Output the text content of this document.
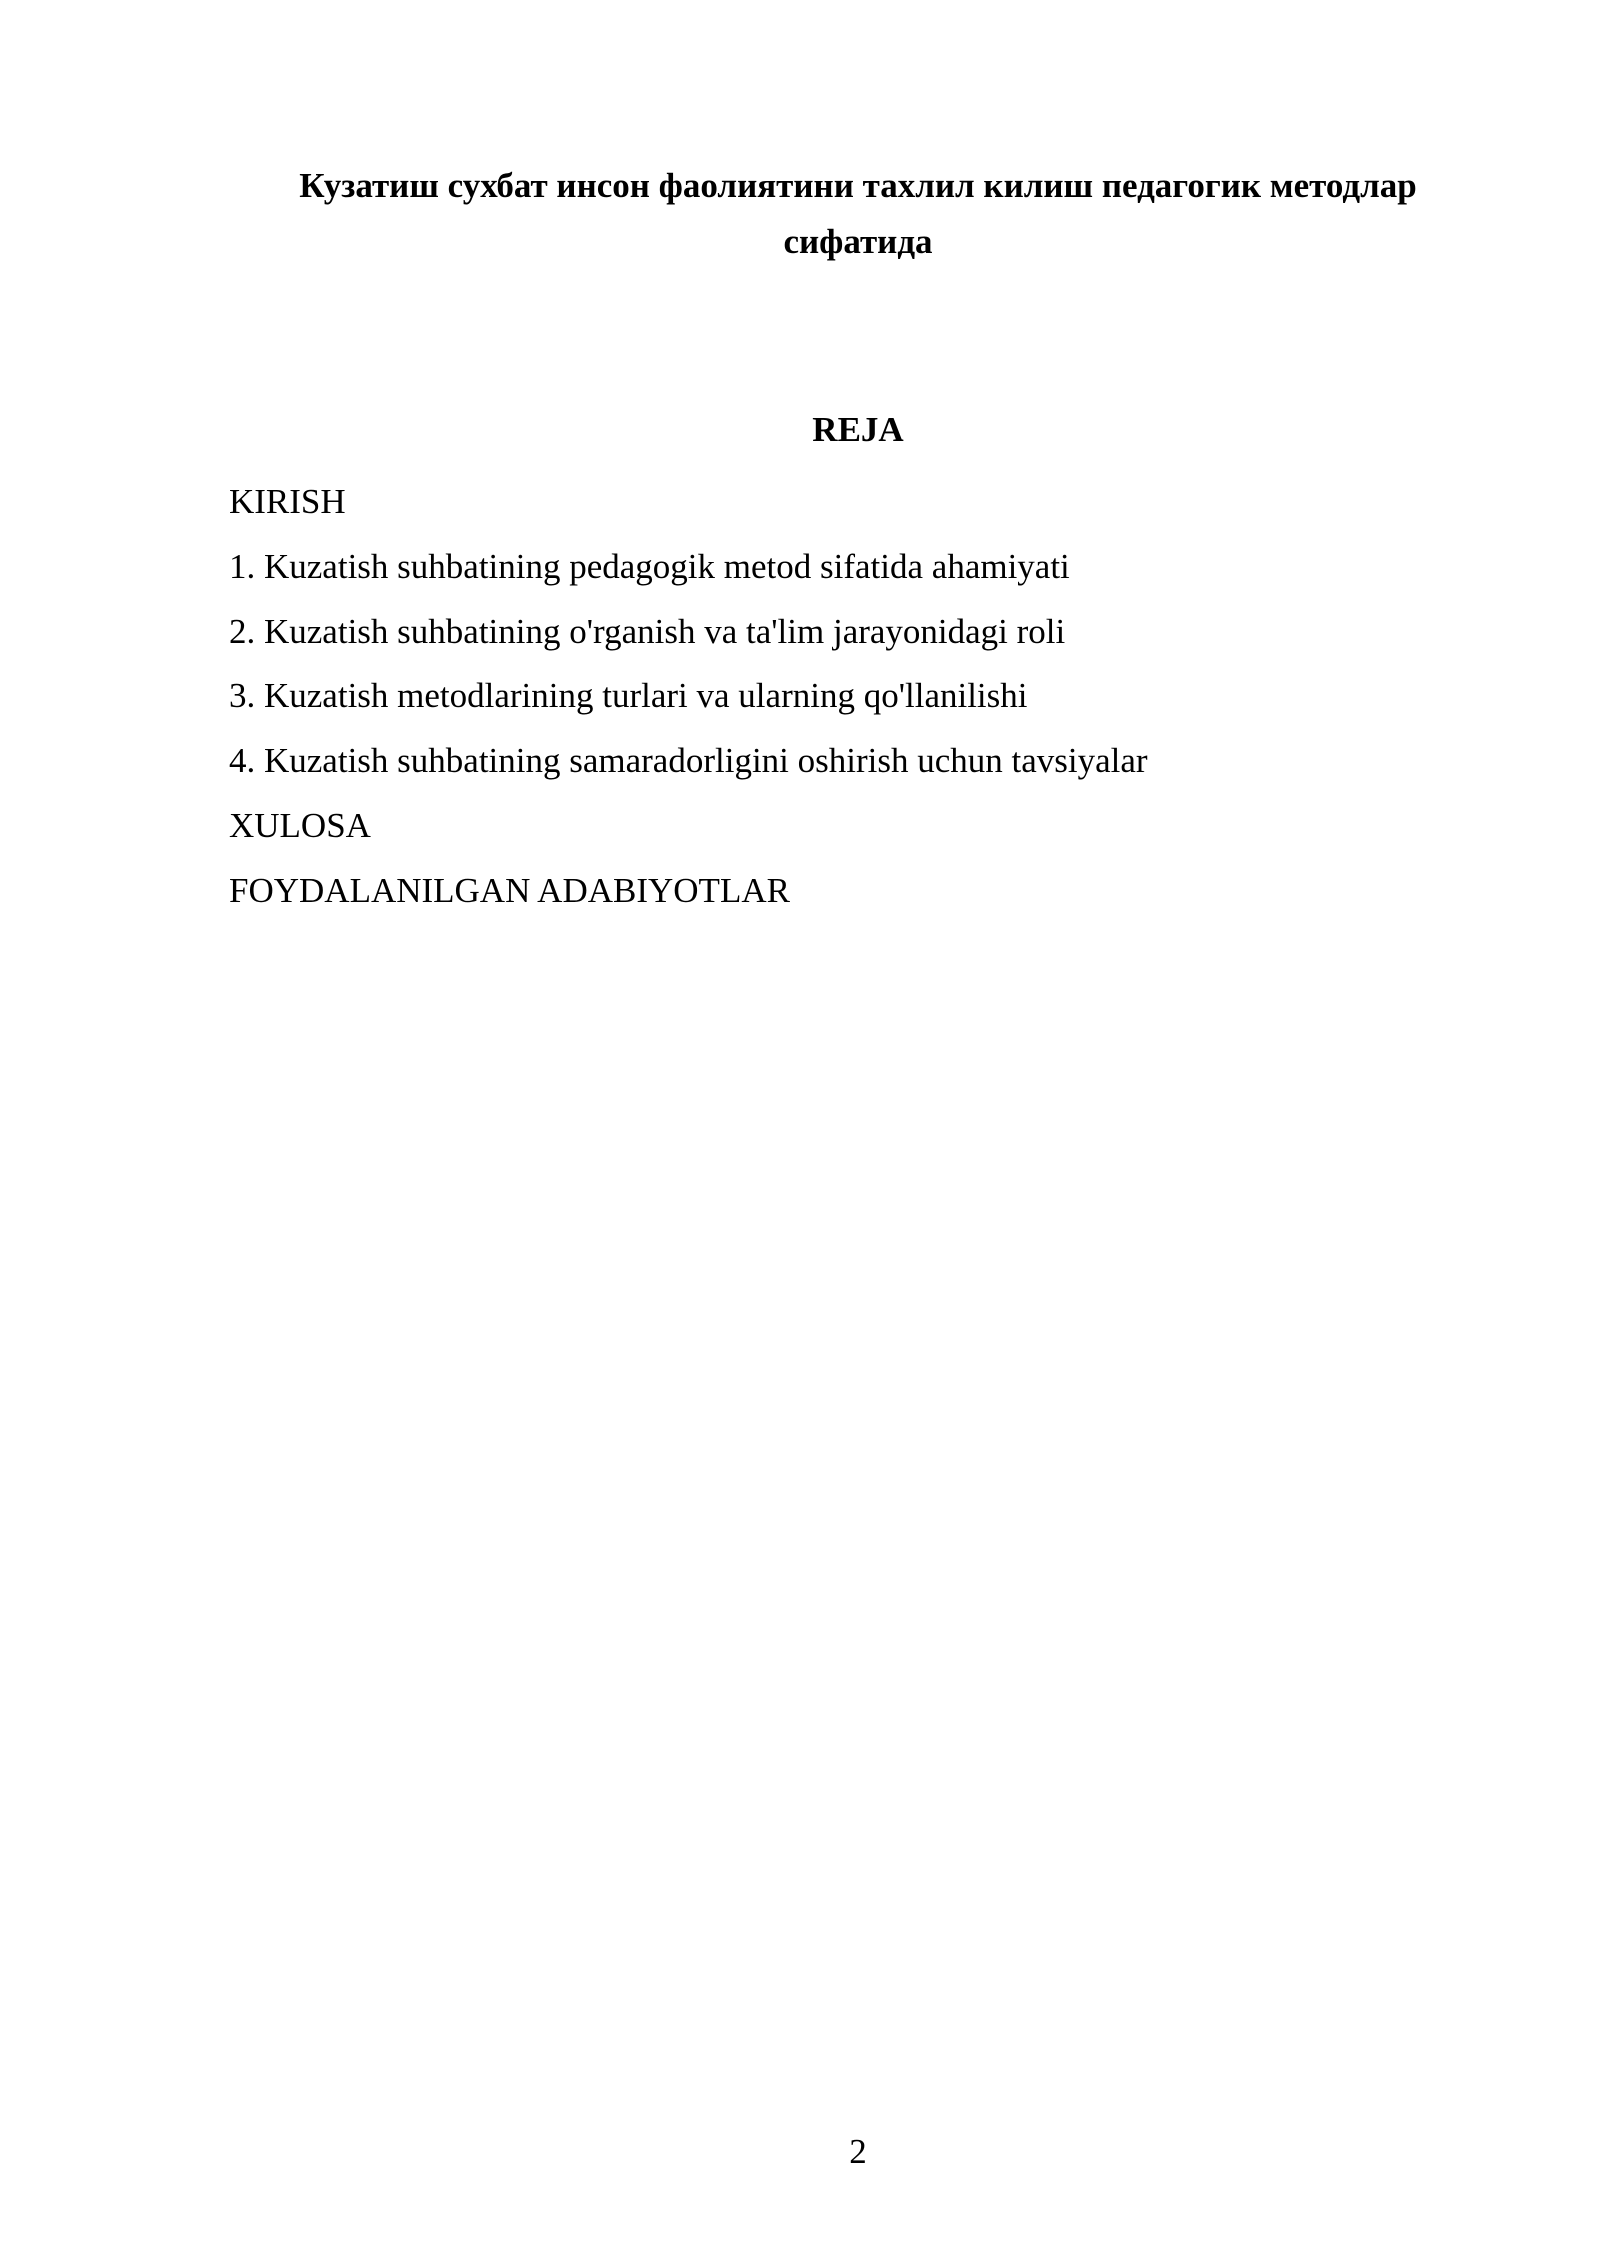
Кузатиш сухбат инсон фаолиятини тахлил килиш педагогик методлар сифатида
REJA
KIRISH
1. Kuzatish suhbatining pedagogik metod sifatida ahamiyati
2. Kuzatish suhbatining o'rganish va ta'lim jarayonidagi roli
3. Kuzatish metodlarining turlari va ularning qo'llanilishi
4. Kuzatish suhbatining samaradorligini oshirish uchun tavsiyalar
XULOSA
FOYDALANILGAN ADABIYOTLAR
2
